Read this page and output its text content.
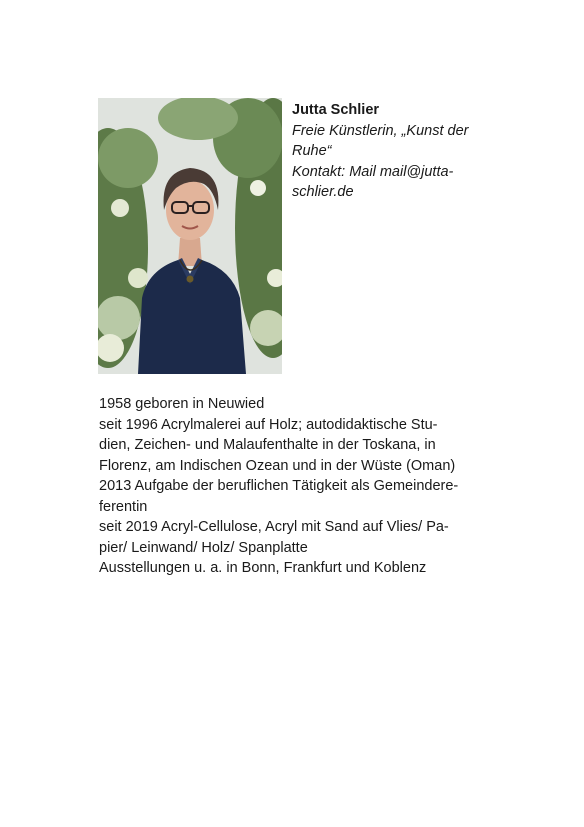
Jutta Schlier
Freie Künstlerin, „Kunst der
Ruhe“
Kontakt: Mail mail@jutta-
schlier.de
1958 geboren in Neuwied
seit 1996 Acrylmalerei auf Holz; autodidaktische Stu-
dien, Zeichen- und Malaufenthalte in der Toskana, in
Florenz, am Indischen Ozean und in der Wüste (Oman)
2013 Aufgabe der beruflichen Tätigkeit als Gemeindere-
ferentin
seit 2019 Acryl-Cellulose, Acryl mit Sand auf Vlies/ Pa-
pier/ Leinwand/ Holz/ Spanplatte
Ausstellungen u. a. in Bonn, Frankfurt und Koblenz
